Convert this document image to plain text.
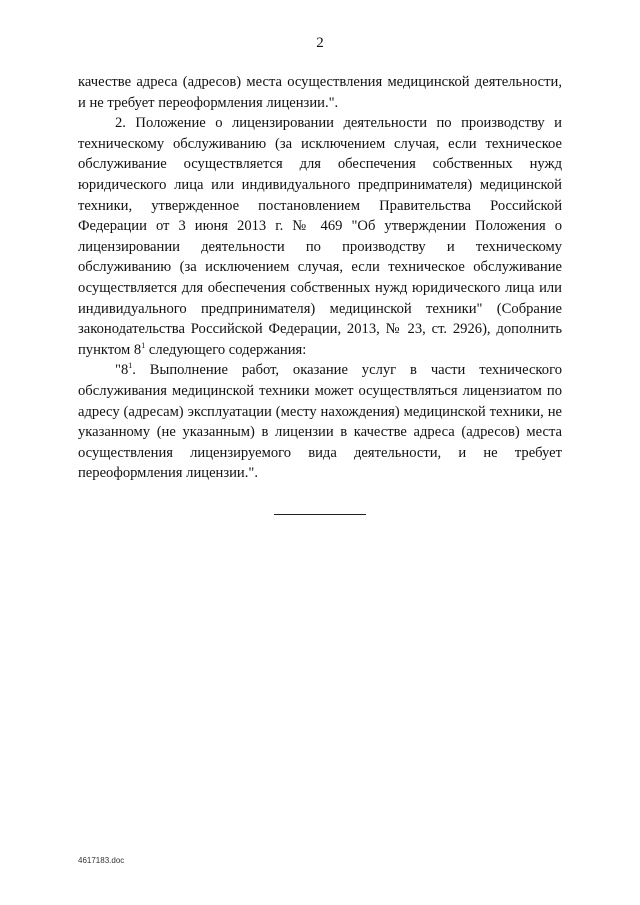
2

качестве адреса (адресов) места осуществления медицинской деятельности, и не требует переоформления лицензии.".

2. Положение о лицензировании деятельности по производству и техническому обслуживанию (за исключением случая, если техническое обслуживание осуществляется для обеспечения собственных нужд юридического лица или индивидуального предпринимателя) медицинской техники, утвержденное постановлением Правительства Российской Федерации от 3 июня 2013 г. № 469 "Об утверждении Положения о лицензировании деятельности по производству и техническому обслуживанию (за исключением случая, если техническое обслуживание осуществляется для обеспечения собственных нужд юридического лица или индивидуального предпринимателя) медицинской техники" (Собрание законодательства Российской Федерации, 2013, № 23, ст. 2926), дополнить пунктом $8^1$ следующего содержания:

"$8^1$. Выполнение работ, оказание услуг в части технического обслуживания медицинской техники может осуществляться лицензиатом по адресу (адресам) эксплуатации (месту нахождения) медицинской техники, не указанному (не указанным) в лицензии в качестве адреса (адресов) места осуществления лицензируемого вида деятельности, и не требует переоформления лицензии.".

4617183.doc
